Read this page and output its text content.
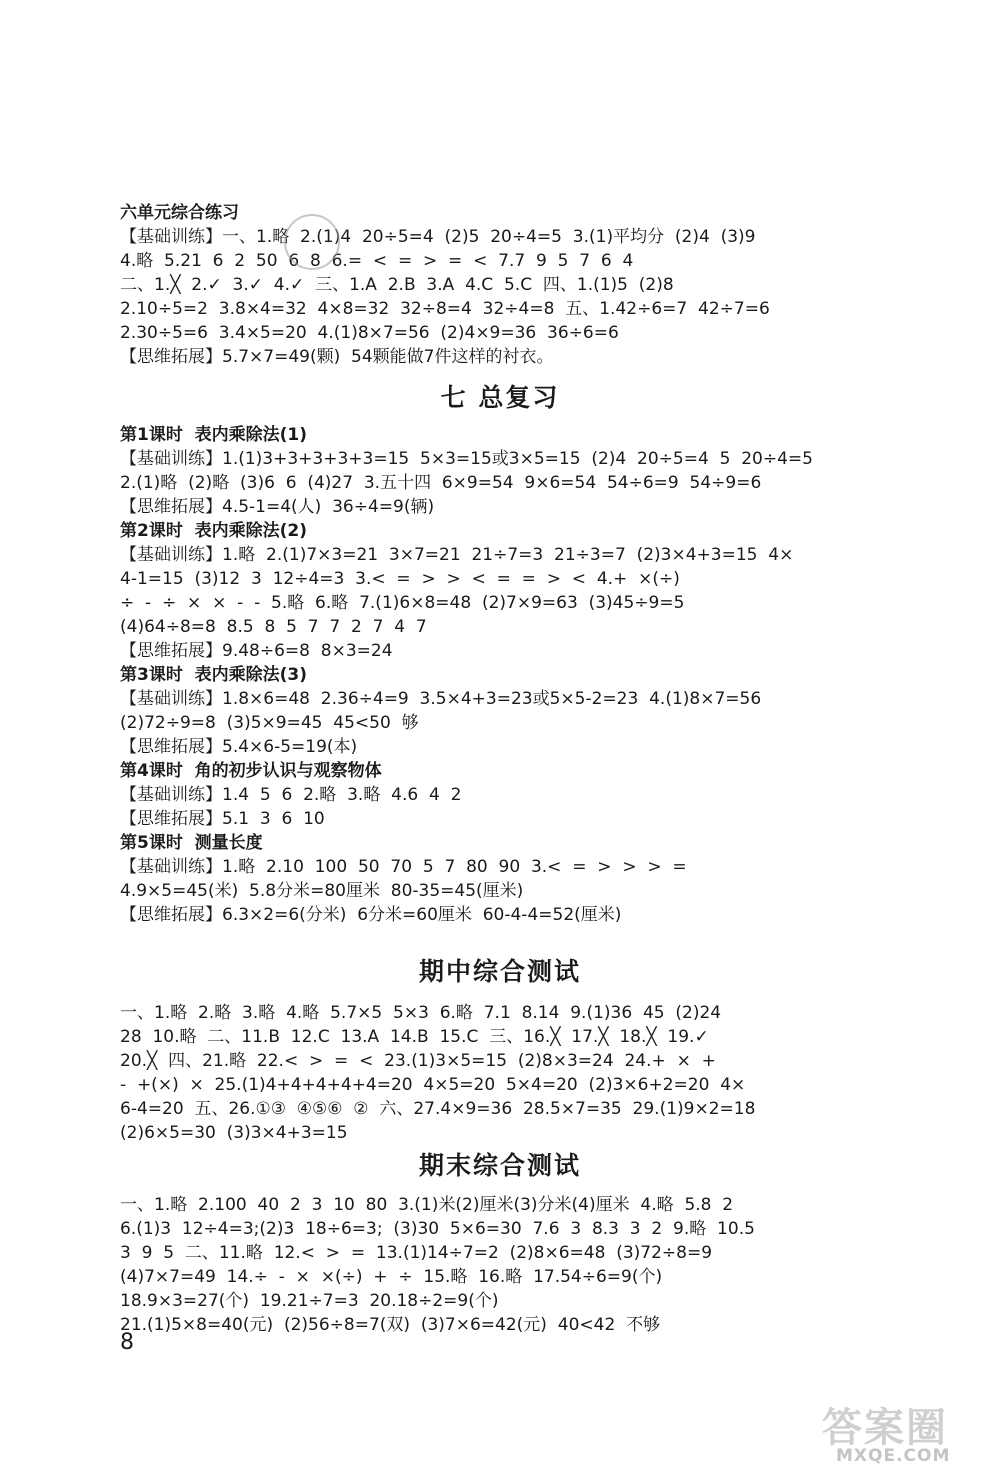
六单元综合练习
【基础训练】一、1.略  2.(1)4  20÷5=4  (2)5  20÷4=5  3.(1)平均分  (2)4  (3)9
4.略  5.21  6  2  50  6  8  6.=  <  =  >  =  <  7.7  9  5  7  6  4
二、1.╳  2.✓  3.✓  4.✓  三、1.A  2.B  3.A  4.C  5.C  四、1.(1)5  (2)8
2.10÷5=2  3.8×4=32  4×8=32  32÷8=4  32÷4=8  五、1.42÷6=7  42÷7=6
2.30÷5=6  3.4×5=20  4.(1)8×7=56  (2)4×9=36  36÷6=6
【思维拓展】5.7×7=49(颗)  54颗能做7件这样的衬衣。
七 总复习
第1课时  表内乘除法(1)
【基础训练】1.(1)3+3+3+3+3=15  5×3=15或3×5=15  (2)4  20÷5=4  5  20÷4=5
2.(1)略  (2)略  (3)6  6  (4)27  3.五十四  6×9=54  9×6=54  54÷6=9  54÷9=6
【思维拓展】4.5-1=4(人)  36÷4=9(辆)
第2课时  表内乘除法(2)
【基础训练】1.略  2.(1)7×3=21  3×7=21  21÷7=3  21÷3=7  (2)3×4+3=15  4×
4-1=15  (3)12  3  12÷4=3  3.<  =  >  >  <  =  =  >  <  4.+  ×(÷)
÷  -  ÷  ×  ×  -  -  5.略  6.略  7.(1)6×8=48  (2)7×9=63  (3)45÷9=5
(4)64÷8=8  8.5  8  5  7  7  2  7  4  7
【思维拓展】9.48÷6=8  8×3=24
第3课时  表内乘除法(3)
【基础训练】1.8×6=48  2.36÷4=9  3.5×4+3=23或5×5-2=23  4.(1)8×7=56
(2)72÷9=8  (3)5×9=45  45<50  够
【思维拓展】5.4×6-5=19(本)
第4课时  角的初步认识与观察物体
【基础训练】1.4  5  6  2.略  3.略  4.6  4  2
【思维拓展】5.1  3  6  10
第5课时  测量长度
【基础训练】1.略  2.10  100  50  70  5  7  80  90  3.<  =  >  >  >  =
4.9×5=45(米)  5.8分米=80厘米  80-35=45(厘米)
【思维拓展】6.3×2=6(分米)  6分米=60厘米  60-4-4=52(厘米)
期中综合测试
一、1.略  2.略  3.略  4.略  5.7×5  5×3  6.略  7.1  8.14  9.(1)36  45  (2)24
28  10.略  二、11.B  12.C  13.A  14.B  15.C  三、16.╳  17.╳  18.╳  19.✓
20.╳  四、21.略  22.<  >  =  <  23.(1)3×5=15  (2)8×3=24  24.+  ×  +
-  +(×)  ×  25.(1)4+4+4+4+4=20  4×5=20  5×4=20  (2)3×6+2=20  4×
6-4=20  五、26.①③  ④⑤⑥  ②  六、27.4×9=36  28.5×7=35  29.(1)9×2=18
(2)6×5=30  (3)3×4+3=15
期末综合测试
一、1.略  2.100  40  2  3  10  80  3.(1)米(2)厘米(3)分米(4)厘米  4.略  5.8  2
6.(1)3  12÷4=3;(2)3  18÷6=3;  (3)30  5×6=30  7.6  3  8.3  3  2  9.略  10.5
3  9  5  二、11.略  12.<  >  =  13.(1)14÷7=2  (2)8×6=48  (3)72÷8=9
(4)7×7=49  14.÷  -  ×  ×(÷)  +  ÷  15.略  16.略  17.54÷6=9(个)
18.9×3=27(个)  19.21÷7=3  20.18÷2=9(个)
21.(1)5×8=40(元)  (2)56÷8=7(双)  (3)7×6=42(元)  40<42  不够
8
答案圈
MXQE.COM
